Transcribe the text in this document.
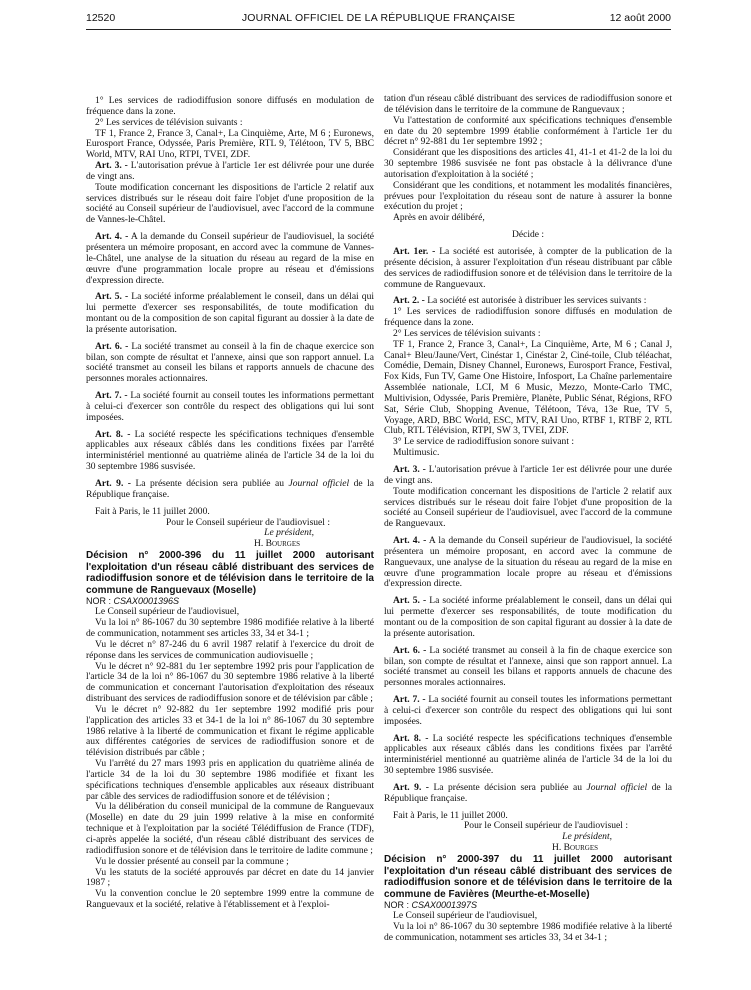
12520	JOURNAL OFFICIEL DE LA RÉPUBLIQUE FRANÇAISE	12 août 2000

1° Les services de radiodiffusion sonore diffusés en modulation de fréquence dans la zone.

2° Les services de télévision suivants :

TF 1, France 2, France 3, Canal+, La Cinquième, Arte, M 6 ; Euronews, Eurosport France, Odyssée, Paris Première, RTL 9, Télétoon, TV 5, BBC World, MTV, RAI Uno, RTPI, TVEI, ZDF.

Art. 3. - L'autorisation prévue à l'article 1er est délivrée pour une durée de vingt ans.

Toute modification concernant les dispositions de l'article 2 relatif aux services distribués sur le réseau doit faire l'objet d'une proposition de la société au Conseil supérieur de l'audiovisuel, avec l'accord de la commune de Vannes-le-Châtel.

Art. 4. - A la demande du Conseil supérieur de l'audiovisuel, la société présentera un mémoire proposant, en accord avec la commune de Vannes-le-Châtel, une analyse de la situation du réseau au regard de la mise en œuvre d'une programmation locale propre au réseau et d'émissions d'expression directe.

Art. 5. - La société informe préalablement le conseil, dans un délai qui lui permette d'exercer ses responsabilités, de toute modification du montant ou de la composition de son capital figurant au dossier à la date de la présente autorisation.

Art. 6. - La société transmet au conseil à la fin de chaque exercice son bilan, son compte de résultat et l'annexe, ainsi que son rapport annuel. La société transmet au conseil les bilans et rapports annuels de chacune des personnes morales actionnaires.

Art. 7. - La société fournit au conseil toutes les informations permettant à celui-ci d'exercer son contrôle du respect des obligations qui lui sont imposées.

Art. 8. - La société respecte les spécifications techniques d'ensemble applicables aux réseaux câblés dans les conditions fixées par l'arrêté interministériel mentionné au quatrième alinéa de l'article 34 de la loi du 30 septembre 1986 susvisée.

Art. 9. - La présente décision sera publiée au Journal officiel de la République française.

Fait à Paris, le 11 juillet 2000.

Pour le Conseil supérieur de l'audiovisuel :

Le président,

H. Bourges

Décision n° 2000-396 du 11 juillet 2000 autorisant l'exploitation d'un réseau câblé distribuant des services de radiodiffusion sonore et de télévision dans le territoire de la commune de Ranguevaux (Moselle)

NOR : CSAX0001396S

Le Conseil supérieur de l'audiovisuel,

Vu la loi n° 86-1067 du 30 septembre 1986 modifiée relative à la liberté de communication, notamment ses articles 33, 34 et 34-1 ;

Vu le décret n° 87-246 du 6 avril 1987 relatif à l'exercice du droit de réponse dans les services de communication audiovisuelle ;

Vu le décret n° 92-881 du 1er septembre 1992 pris pour l'application de l'article 34 de la loi n° 86-1067 du 30 septembre 1986 relative à la liberté de communication et concernant l'autorisation d'exploitation des réseaux distribuant des services de radiodiffusion sonore et de télévision par câble ;

Vu le décret n° 92-882 du 1er septembre 1992 modifié pris pour l'application des articles 33 et 34-1 de la loi n° 86-1067 du 30 septembre 1986 relative à la liberté de communication et fixant le régime applicable aux différentes catégories de services de radiodiffusion sonore et de télévision distribués par câble ;

Vu l'arrêté du 27 mars 1993 pris en application du quatrième alinéa de l'article 34 de la loi du 30 septembre 1986 modifiée et fixant les spécifications techniques d'ensemble applicables aux réseaux distribuant par câble des services de radiodiffusion sonore et de télévision ;

Vu la délibération du conseil municipal de la commune de Ranguevaux (Moselle) en date du 29 juin 1999 relative à la mise en conformité technique et à l'exploitation par la société Télédiffusion de France (TDF), ci-après appelée la société, d'un réseau câblé distribuant des services de radiodiffusion sonore et de télévision dans le territoire de ladite commune ;

Vu le dossier présenté au conseil par la commune ;

Vu les statuts de la société approuvés par décret en date du 14 janvier 1987 ;

Vu la convention conclue le 20 septembre 1999 entre la commune de Ranguevaux et la société, relative à l'établissement et à l'exploi-

tation d'un réseau câblé distribuant des services de radiodiffusion sonore et de télévision dans le territoire de la commune de Ranguevaux ;

Vu l'attestation de conformité aux spécifications techniques d'ensemble en date du 20 septembre 1999 établie conformément à l'article 1er du décret n° 92-881 du 1er septembre 1992 ;

Considérant que les dispositions des articles 41, 41-1 et 41-2 de la loi du 30 septembre 1986 susvisée ne font pas obstacle à la délivrance d'une autorisation d'exploitation à la société ;

Considérant que les conditions, et notamment les modalités financières, prévues pour l'exploitation du réseau sont de nature à assurer la bonne exécution du projet ;

Après en avoir délibéré,

Décide :

Art. 1er. - La société est autorisée, à compter de la publication de la présente décision, à assurer l'exploitation d'un réseau distribuant par câble des services de radiodiffusion sonore et de télévision dans le territoire de la commune de Ranguevaux.

Art. 2. - La société est autorisée à distribuer les services suivants :

1° Les services de radiodiffusion sonore diffusés en modulation de fréquence dans la zone.

2° Les services de télévision suivants :

TF 1, France 2, France 3, Canal+, La Cinquième, Arte, M 6 ; Canal J, Canal+ Bleu/Jaune/Vert, Cinéstar 1, Cinéstar 2, Ciné-toile, Club téléachat, Comédie, Demain, Disney Channel, Euronews, Eurosport France, Festival, Fox Kids, Fun TV, Game One Histoire, Infosport, La Chaîne parlementaire Assemblée nationale, LCI, M 6 Music, Mezzo, Monte-Carlo TMC, Multivision, Odyssée, Paris Première, Planète, Public Sénat, Régions, RFO Sat, Série Club, Shopping Avenue, Télétoon, Téva, 13e Rue, TV 5, Voyage, ARD, BBC World, ESC, MTV, RAI Uno, RTBF 1, RTBF 2, RTL Club, RTL Télévision, RTPI, SW 3, TVEI, ZDF.

3° Le service de radiodiffusion sonore suivant :

Multimusic.

Art. 3. - L'autorisation prévue à l'article 1er est délivrée pour une durée de vingt ans.

Toute modification concernant les dispositions de l'article 2 relatif aux services distribués sur le réseau doit faire l'objet d'une proposition de la société au Conseil supérieur de l'audiovisuel, avec l'accord de la commune de Ranguevaux.

Art. 4. - A la demande du Conseil supérieur de l'audiovisuel, la société présentera un mémoire proposant, en accord avec la commune de Ranguevaux, une analyse de la situation du réseau au regard de la mise en œuvre d'une programmation locale propre au réseau et d'émissions d'expression directe.

Art. 5. - La société informe préalablement le conseil, dans un délai qui lui permette d'exercer ses responsabilités, de toute modification du montant ou de la composition de son capital figurant au dossier à la date de la présente autorisation.

Art. 6. - La société transmet au conseil à la fin de chaque exercice son bilan, son compte de résultat et l'annexe, ainsi que son rapport annuel. La société transmet au conseil les bilans et rapports annuels de chacune des personnes morales actionnaires.

Art. 7. - La société fournit au conseil toutes les informations permettant à celui-ci d'exercer son contrôle du respect des obligations qui lui sont imposées.

Art. 8. - La société respecte les spécifications techniques d'ensemble applicables aux réseaux câblés dans les conditions fixées par l'arrêté interministériel mentionné au quatrième alinéa de l'article 34 de la loi du 30 septembre 1986 susvisée.

Art. 9. - La présente décision sera publiée au Journal officiel de la République française.

Fait à Paris, le 11 juillet 2000.

Pour le Conseil supérieur de l'audiovisuel :

Le président,

H. Bourges

Décision n° 2000-397 du 11 juillet 2000 autorisant l'exploitation d'un réseau câblé distribuant des services de radiodiffusion sonore et de télévision dans le territoire de la commune de Favières (Meurthe-et-Moselle)

NOR : CSAX0001397S

Le Conseil supérieur de l'audiovisuel,

Vu la loi n° 86-1067 du 30 septembre 1986 modifiée relative à la liberté de communication, notamment ses articles 33, 34 et 34-1 ;
